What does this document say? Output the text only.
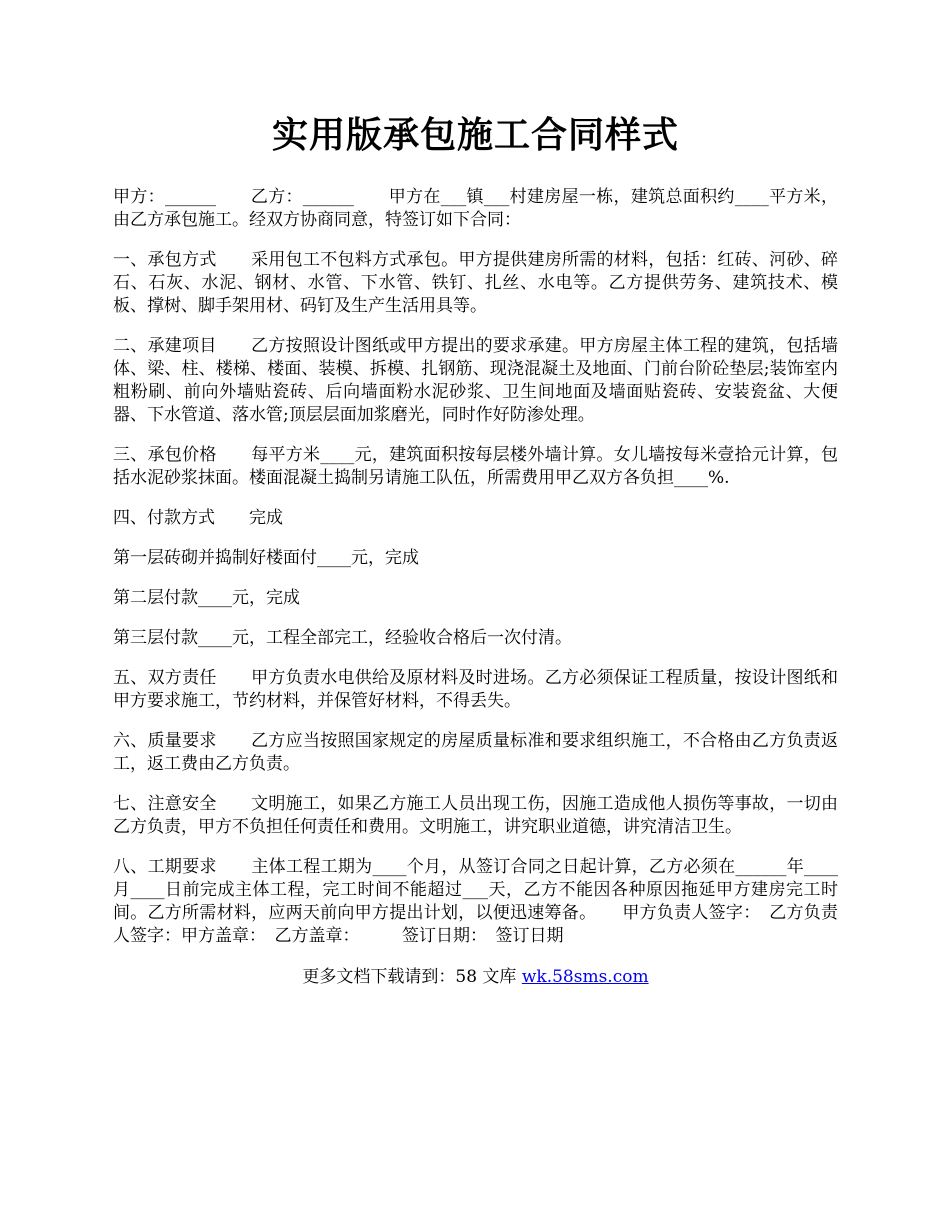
实用版承包施工合同样式

甲方：______　　乙方：______　　甲方在___镇___村建房屋一栋，建筑总面积约____平方米，由乙方承包施工。经双方协商同意，特签订如下合同：

一、承包方式　　采用包工不包料方式承包。甲方提供建房所需的材料，包括：红砖、河砂、碎石、石灰、水泥、钢材、水管、下水管、铁钉、扎丝、水电等。乙方提供劳务、建筑技术、模板、撑树、脚手架用材、码钉及生产生活用具等。

二、承建项目　　乙方按照设计图纸或甲方提出的要求承建。甲方房屋主体工程的建筑，包括墙体、梁、柱、楼梯、楼面、装模、拆模、扎钢筋、现浇混凝土及地面、门前台阶砼垫层;装饰室内粗粉刷、前向外墙贴瓷砖、后向墙面粉水泥砂浆、卫生间地面及墙面贴瓷砖、安装瓷盆、大便器、下水管道、落水管;顶层层面加浆磨光，同时作好防渗处理。

三、承包价格　　每平方米____元，建筑面积按每层楼外墙计算。女儿墙按每米壹拾元计算，包括水泥砂浆抹面。楼面混凝土捣制另请施工队伍，所需费用甲乙双方各负担____%.

四、付款方式　　完成

第一层砖砌并捣制好楼面付____元，完成

第二层付款____元，完成

第三层付款____元，工程全部完工，经验收合格后一次付清。

五、双方责任　　甲方负责水电供给及原材料及时进场。乙方必须保证工程质量，按设计图纸和甲方要求施工，节约材料，并保管好材料，不得丢失。

六、质量要求　　乙方应当按照国家规定的房屋质量标准和要求组织施工，不合格由乙方负责返工，返工费由乙方负责。

七、注意安全　　文明施工，如果乙方施工人员出现工伤，因施工造成他人损伤等事故，一切由乙方负责，甲方不负担任何责任和费用。文明施工，讲究职业道德，讲究清洁卫生。

八、工期要求　　主体工程工期为____个月，从签订合同之日起计算，乙方必须在______年____月____日前完成主体工程，完工时间不能超过___天，乙方不能因各种原因拖延甲方建房完工时间。乙方所需材料，应两天前向甲方提出计划，以便迅速筹备。　　甲方负责人签字：　乙方负责人签字：甲方盖章：　乙方盖章：　　　签订日期：　签订日期

更多文档下载请到：58 文库 wk.58sms.com
